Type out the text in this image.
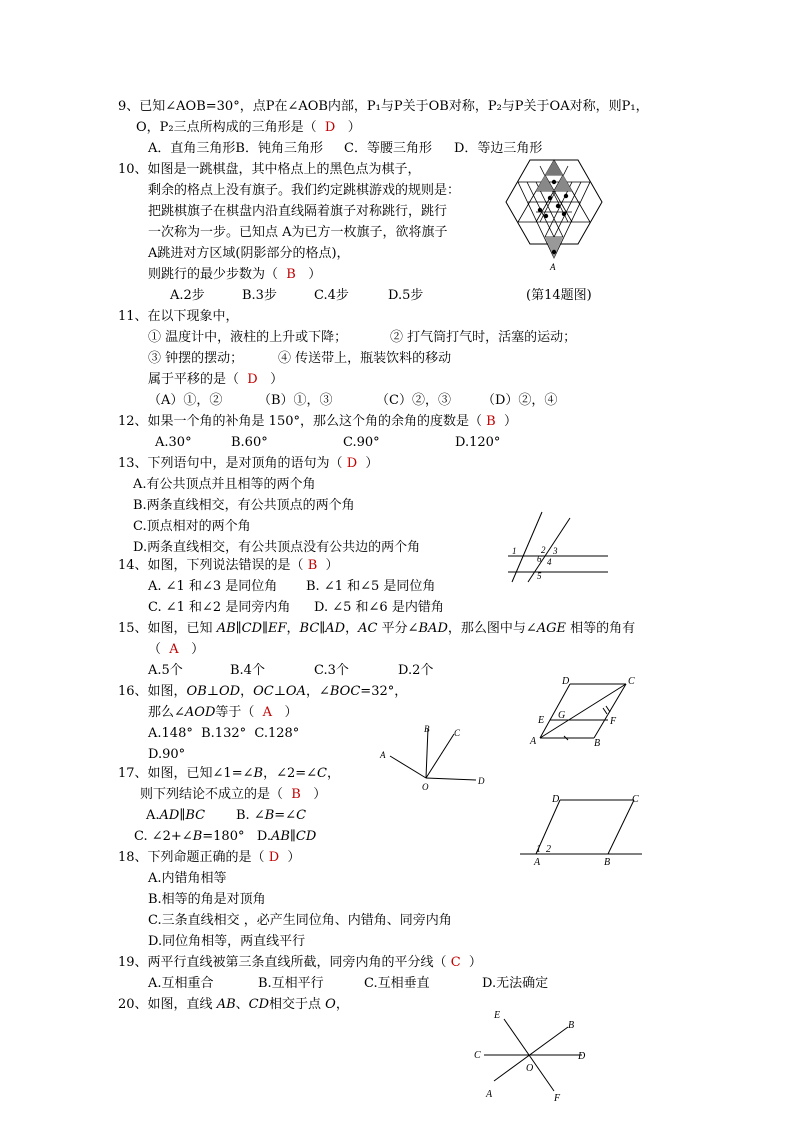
9、已知∠AOB=30°，点P在∠AOB内部，P₁与P关于OB对称，P₂与P关于OA对称，则P₁，
O，P₂三点所构成的三角形是（ D ）
A．直角三角形B．钝角三角形 C．等腰三角形 D．等边三角形
10、如图是一跳棋盘，其中格点上的黑色点为棋子，
剩余的格点上没有旗子。我们约定跳棋游戏的规则是：
把跳棋旗子在棋盘内沿直线隔着旗子对称跳行，跳行
一次称为一步。已知点 A为已方一枚旗子，欲将旗子
A跳进对方区域(阴影部分的格点)，
则跳行的最少步数为（ B ）
A.2步	B.3步	C.4步	D.5步	(第14题图)
A
11、在以下现象中，
① 温度计中，液柱的上升或下降；	② 打气筒打气时，活塞的运动；
③ 钟摆的摆动；	④ 传送带上，瓶装饮料的移动
属于平移的是（ D ）
（A）①，②	（B）①，③	（C）②，③ （D）②，④
12、如果一个角的补角是 150°，那么这个角的余角的度数是（ B ）
A.30°	B.60°	C.90°	D.120°
13、下列语句中，是对顶角的语句为（ D ）
A.有公共顶点并且相等的两个角
B.两条直线相交，有公共顶点的两个角
C.顶点相对的两个角
D.两条直线相交，有公共顶点没有公共边的两个角	1	2 3
6 4
5
14、如图，下列说法错误的是（ B ）
A. ∠1 和∠3 是同位角 B. ∠1 和∠5 是同位角
C. ∠1 和∠2 是同旁内角 D. ∠5 和∠6 是内错角
15、如图，已知 AB∥CD∥EF，BC∥AD，AC 平分∠BAD，那么图中与∠AGE 相等的角有
（ A ）
A.5个	B.4个	C.3个	D.2个
D	C
E G
F
A	B
16、如图，OB⊥OD，OC⊥OA，∠BOC=32°，
那么∠AOD等于（ A ）
A.148° B.132° C.128°
D.90°
B	C
A
O
D
17、如图，已知∠1=∠B，∠2=∠C，
则下列结论不成立的是（ B ）
A.AD∥BC B. ∠B=∠C
C. ∠2+∠B=180° D.AB∥CD
D	C
1 2
A	B
18、下列命题正确的是（ D ）
A.内错角相等
B.相等的角是对顶角
C.三条直线相交 ，必产生同位角、内错角、同旁内角
D.同位角相等，两直线平行
19、两平行直线被第三条直线所截，同旁内角的平分线（ C ）
A.互相重合	B.互相平行	C.互相垂直	D.无法确定
20、如图，直线 AB、CD相交于点 O，
E
B
C	D
O
A	F
